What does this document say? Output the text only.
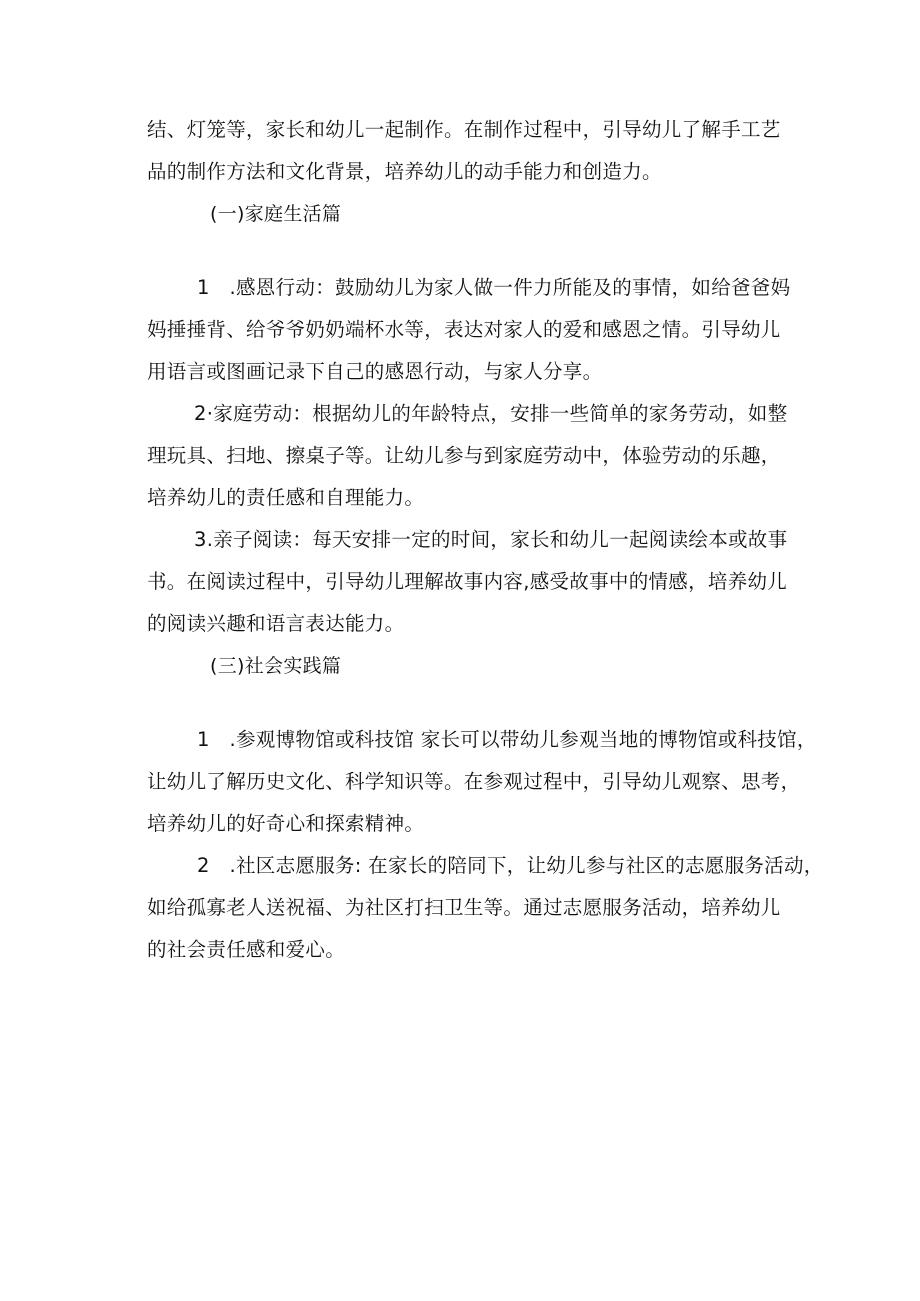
结、灯笼等，家长和幼儿一起制作。在制作过程中，引导幼儿了解手工艺
品的制作方法和文化背景，培养幼儿的动手能力和创造力。
(一)家庭生活篇
1　.感恩行动：鼓励幼儿为家人做一件力所能及的事情，如给爸爸妈
妈捶捶背、给爷爷奶奶端杯水等，表达对家人的爱和感恩之情。引导幼儿
用语言或图画记录下自己的感恩行动，与家人分享。
2·家庭劳动：根据幼儿的年龄特点，安排一些简单的家务劳动，如整
理玩具、扫地、擦桌子等。让幼儿参与到家庭劳动中，体验劳动的乐趣，
培养幼儿的责任感和自理能力。
3.亲子阅读：每天安排一定的时间，家长和幼儿一起阅读绘本或故事
书。在阅读过程中，引导幼儿理解故事内容,感受故事中的情感，培养幼儿
的阅读兴趣和语言表达能力。
(三)社会实践篇
1　.参观博物馆或科技馆 家长可以带幼儿参观当地的博物馆或科技馆，
让幼儿了解历史文化、科学知识等。在参观过程中，引导幼儿观察、思考，
培养幼儿的好奇心和探索精神。
2　.社区志愿服务: 在家长的陪同下，让幼儿参与社区的志愿服务活动，
如给孤寡老人送祝福、为社区打扫卫生等。通过志愿服务活动，培养幼儿
的社会责任感和爱心。
